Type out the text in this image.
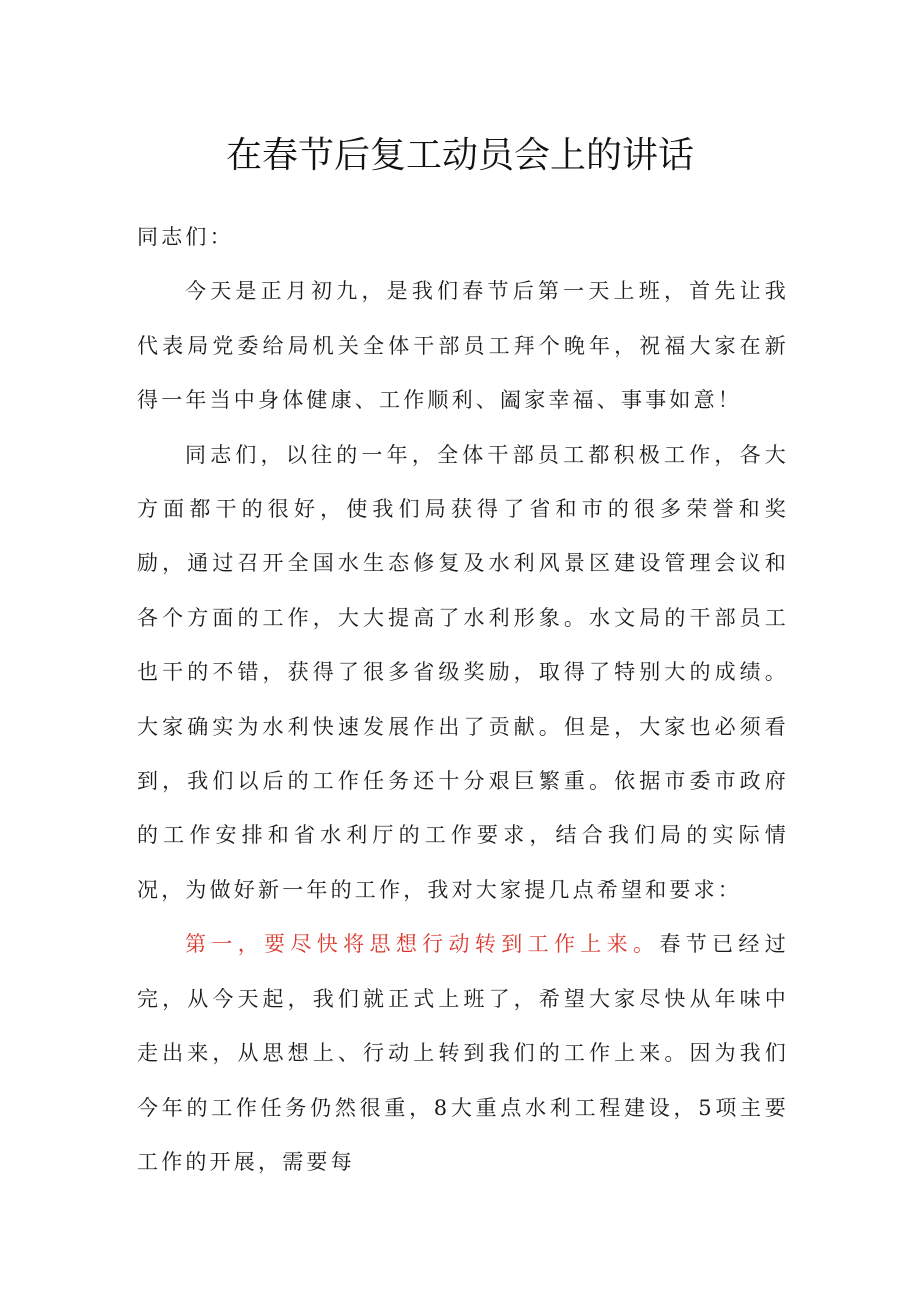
在春节后复工动员会上的讲话

同志们：

今天是正月初九，是我们春节后第一天上班，首先让我代表局党委给局机关全体干部员工拜个晚年，祝福大家在新得一年当中身体健康、工作顺利、阖家幸福、事事如意！

同志们，以往的一年，全体干部员工都积极工作，各大方面都干的很好，使我们局获得了省和市的很多荣誉和奖励，通过召开全国水生态修复及水利风景区建设管理会议和各个方面的工作，大大提高了水利形象。水文局的干部员工也干的不错，获得了很多省级奖励，取得了特别大的成绩。大家确实为水利快速发展作出了贡献。但是，大家也必须看到，我们以后的工作任务还十分艰巨繁重。依据市委市政府的工作安排和省水利厅的工作要求，结合我们局的实际情况，为做好新一年的工作，我对大家提几点希望和要求：

第一，要尽快将思想行动转到工作上来。春节已经过完，从今天起，我们就正式上班了，希望大家尽快从年味中走出来，从思想上、行动上转到我们的工作上来。因为我们今年的工作任务仍然很重，8大重点水利工程建设，5项主要工作的开展，需要每
